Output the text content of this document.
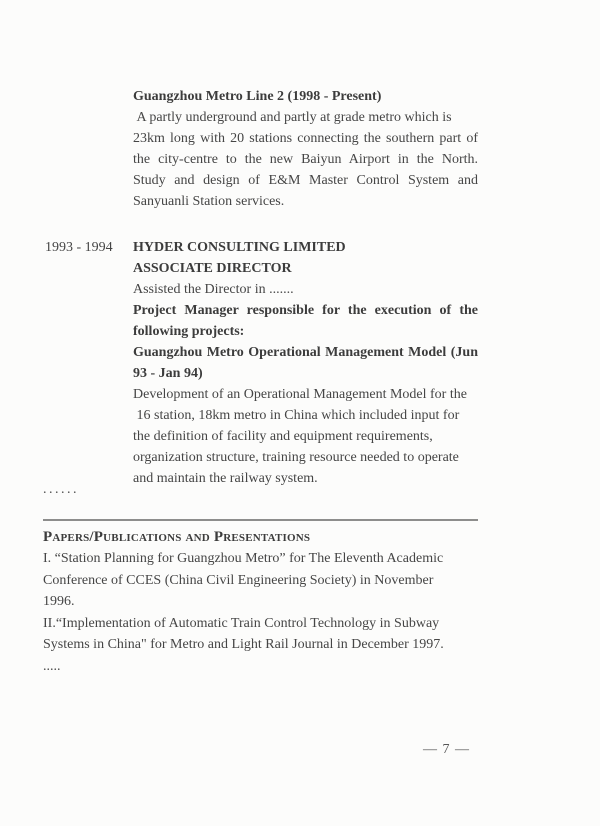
Guangzhou Metro Line 2 (1998 - Present)
A partly underground and partly at grade metro which is
23km long with 20 stations connecting the southern part of
the city-centre to the new Baiyun Airport in the North.
Study and design of E&M Master Control System and
Sanyuanli Station services.
1993 - 1994	HYDER CONSULTING LIMITED
ASSOCIATE DIRECTOR
Assisted the Director in .......
Project Manager responsible for the execution of the
following projects:
Guangzhou Metro Operational Management Model (Jun
93 - Jan 94)
Development of an Operational Management Model for the
16 station, 18km metro in China which included input for
the definition of facility and equipment requirements,
organization structure, training resource needed to operate
and maintain the railway system.
......
Papers/Publications and Presentations
I. “Station Planning for Guangzhou Metro” for The Eleventh Academic
Conference of CCES (China Civil Engineering Society) in November
1996.
II.“Implementation of Automatic Train Control Technology in Subway
Systems in China" for Metro and Light Rail Journal in December 1997.
.....
— 7 —
